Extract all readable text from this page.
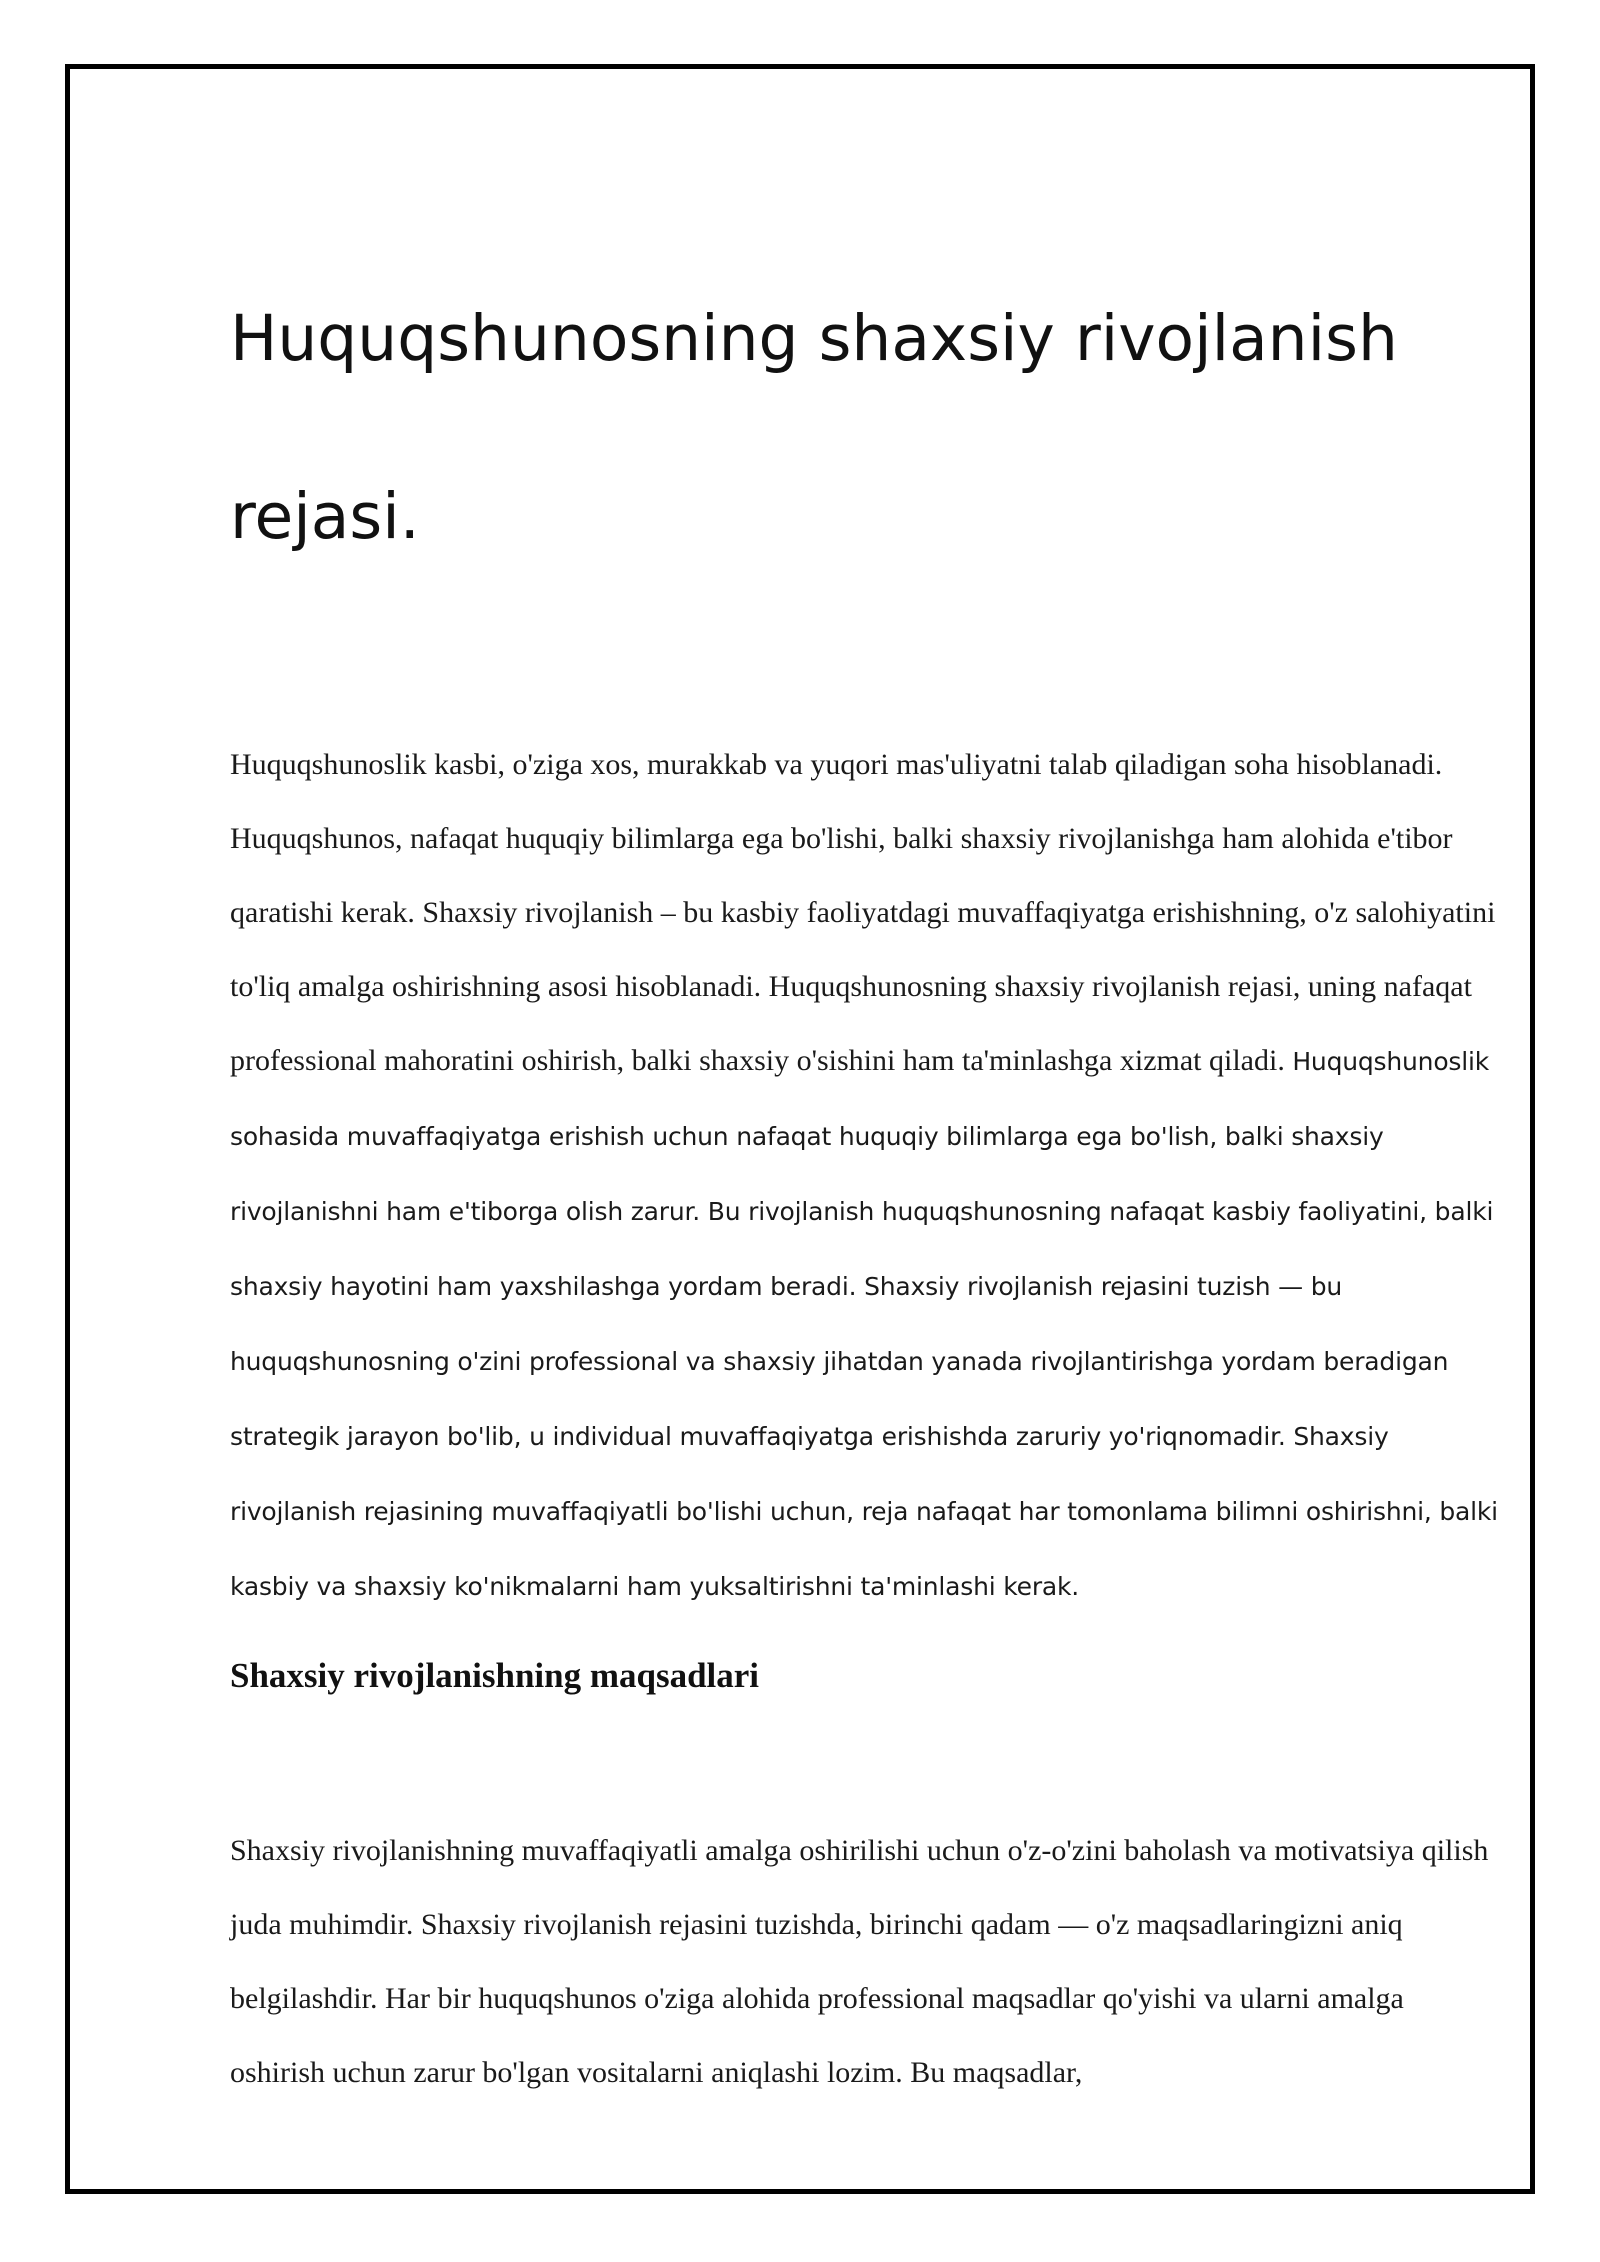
Huquqshunosning shaxsiy rivojlanish
rejasi.

Huquqshunoslik kasbi, o'ziga xos, murakkab va yuqori mas'uliyatni talab qiladigan soha hisoblanadi. Huquqshunos, nafaqat huquqiy bilimlarga ega bo'lishi, balki shaxsiy rivojlanishga ham alohida e'tibor qaratishi kerak. Shaxsiy rivojlanish – bu kasbiy faoliyatdagi muvaffaqiyatga erishishning, o'z salohiyatini to'liq amalga oshirishning asosi hisoblanadi. Huquqshunosning shaxsiy rivojlanish rejasi, uning nafaqat professional mahoratini oshirish, balki shaxsiy o'sishini ham ta'minlashga xizmat qiladi. Huquqshunoslik sohasida muvaffaqiyatga erishish uchun nafaqat huquqiy bilimlarga ega bo'lish, balki shaxsiy rivojlanishni ham e'tiborga olish zarur. Bu rivojlanish huquqshunosning nafaqat kasbiy faoliyatini, balki shaxsiy hayotini ham yaxshilashga yordam beradi. Shaxsiy rivojlanish rejasini tuzish — bu huquqshunosning o'zini professional va shaxsiy jihatdan yanada rivojlantirishga yordam beradigan strategik jarayon bo'lib, u individual muvaffaqiyatga erishishda zaruriy yo'riqnomadir. Shaxsiy rivojlanish rejasining muvaffaqiyatli bo'lishi uchun, reja nafaqat har tomonlama bilimni oshirishni, balki kasbiy va shaxsiy ko'nikmalarni ham yuksaltirishni ta'minlashi kerak.

Shaxsiy rivojlanishning maqsadlari

Shaxsiy rivojlanishning muvaffaqiyatli amalga oshirilishi uchun o'z-o'zini baholash va motivatsiya qilish juda muhimdir. Shaxsiy rivojlanish rejasini tuzishda, birinchi qadam — o'z maqsadlaringizni aniq belgilashdir. Har bir huquqshunos o'ziga alohida professional maqsadlar qo'yishi va ularni amalga oshirish uchun zarur bo'lgan vositalarni aniqlashi lozim. Bu maqsadlar,
